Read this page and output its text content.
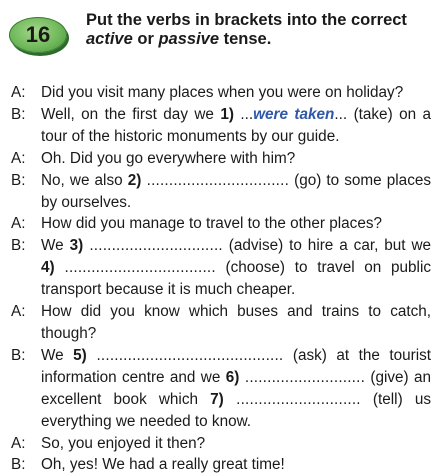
16
Put the verbs in brackets into the correct active or passive tense.
A:	Did you visit many places when you were on holiday?
B:	Well, on the first day we 1) ...were taken... (take) on a tour of the historic monuments by our guide.
A:	Oh. Did you go everywhere with him?
B:	No, we also 2) ................................ (go) to some places by ourselves.
A:	How did you manage to travel to the other places?
B:	We 3) .............................. (advise) to hire a car, but we 4) .................................. (choose) to travel on public transport because it is much cheaper.
A:	How did you know which buses and trains to catch, though?
B:	We 5) .......................................... (ask) at the tourist information centre and we 6) ........................... (give) an excellent book which 7) ............................ (tell) us everything we needed to know.
A:	So, you enjoyed it then?
B:	Oh, yes! We had a really great time!
